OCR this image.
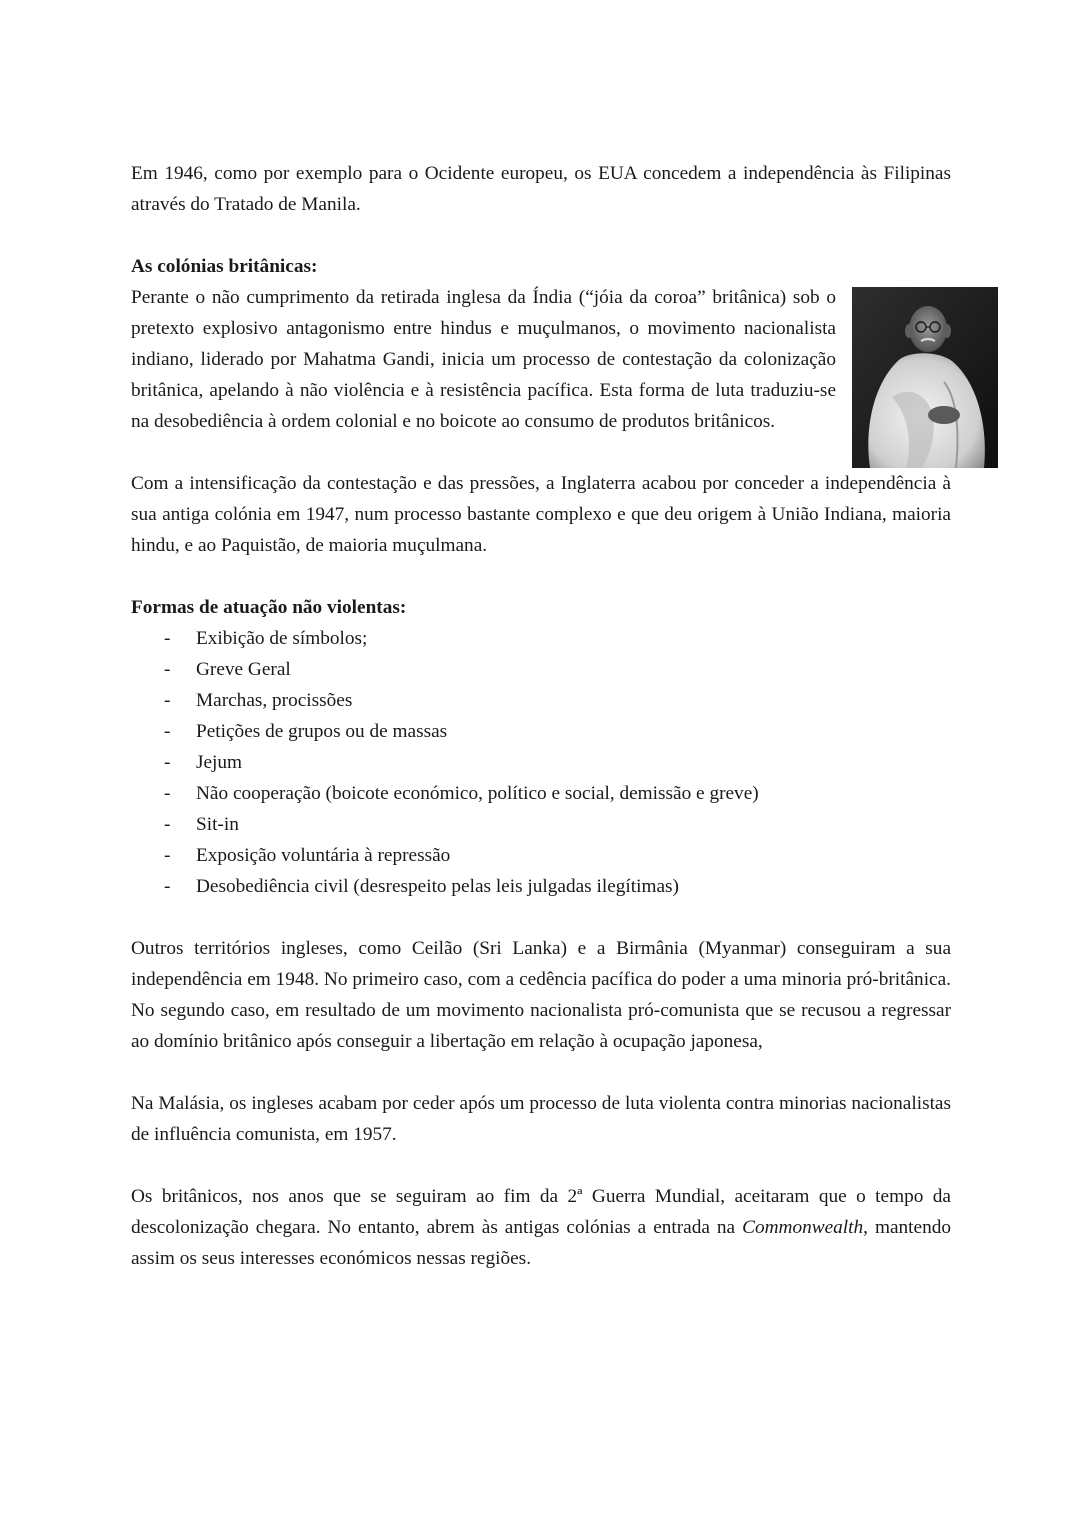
Em 1946, como por exemplo para o Ocidente europeu, os EUA concedem a independência às Filipinas através do Tratado de Manila.

As colónias britânicas:

Perante o não cumprimento da retirada inglesa da Índia (“jóia da coroa” britânica) sob o pretexto explosivo antagonismo entre hindus e muçulmanos, o movimento nacionalista indiano, liderado por Mahatma Gandi, inicia um processo de contestação da colonização britânica, apelando à não violência e à resistência pacífica. Esta forma de luta traduziu-se na desobediência à ordem colonial e no boicote ao consumo de produtos britânicos.

Com a intensificação da contestação e das pressões, a Inglaterra acabou por conceder a independência à sua antiga colónia em 1947, num processo bastante complexo e que deu origem à União Indiana, maioria hindu, e ao Paquistão, de maioria muçulmana.

Formas de atuação não violentas:

- Exibição de símbolos;
- Greve Geral
- Marchas, procissões
- Petições de grupos ou de massas
- Jejum
- Não cooperação (boicote económico, político e social, demissão e greve)
- Sit-in
- Exposição voluntária à repressão
- Desobediência civil (desrespeito pelas leis julgadas ilegítimas)

Outros territórios ingleses, como Ceilão (Sri Lanka) e a Birmânia (Myanmar) conseguiram a sua independência em 1948. No primeiro caso, com a cedência pacífica do poder a uma minoria pró-britânica. No segundo caso, em resultado de um movimento nacionalista pró-comunista que se recusou a regressar ao domínio britânico após conseguir a libertação em relação à ocupação japonesa,

Na Malásia, os ingleses acabam por ceder após um processo de luta violenta contra minorias nacionalistas de influência comunista, em 1957.

Os britânicos, nos anos que se seguiram ao fim da 2ª Guerra Mundial, aceitaram que o tempo da descolonização chegara. No entanto, abrem às antigas colónias a entrada na Commonwealth, mantendo assim os seus interesses económicos nessas regiões.
